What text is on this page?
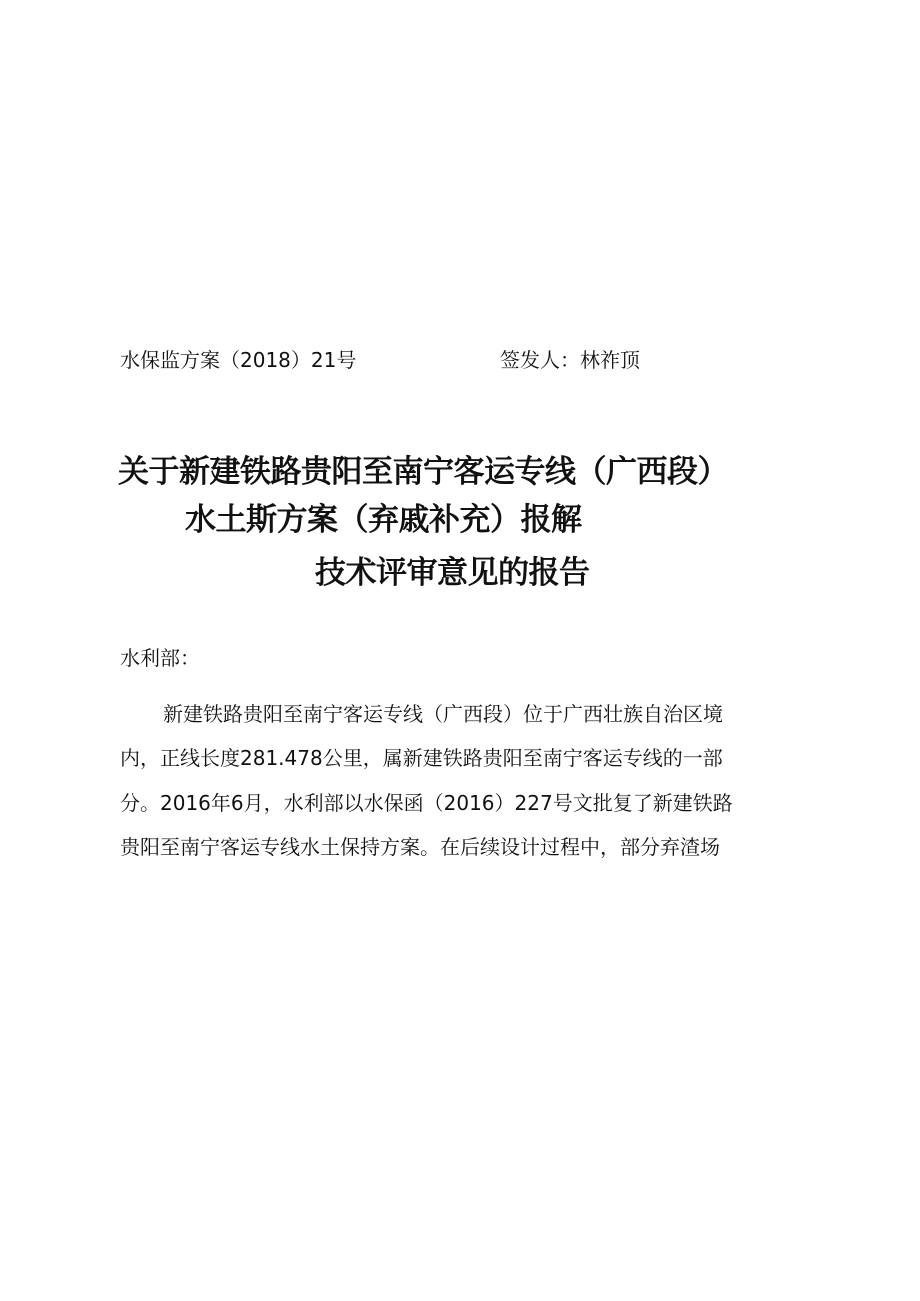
水保监方案（2018）21号	签发人：林祚顶
关于新建铁路贵阳至南宁客运专线（广西段）
水土斯方案（弃戚补充）报解
技术评审意见的报告
水利部：
新建铁路贵阳至南宁客运专线（广西段）位于广西壮族自治区境
内，正线长度281.478公里，属新建铁路贵阳至南宁客运专线的一部
分。2016年6月，水利部以水保函（2016）227号文批复了新建铁路
贵阳至南宁客运专线水土保持方案。在后续设计过程中，部分弃渣场
